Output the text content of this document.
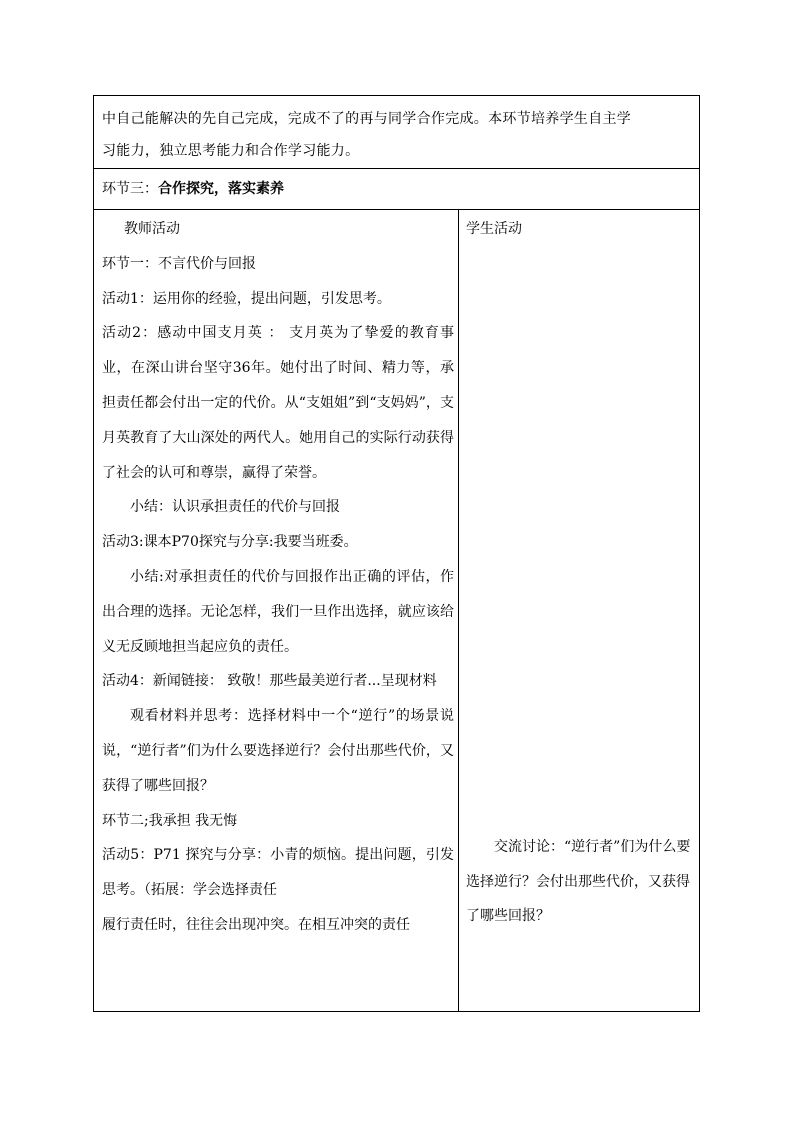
中自己能解决的先自己完成，完成不了的再与同学合作完成。本环节培养学生自主学

习能力，独立思考能力和合作学习能力。

环节三：合作探究，落实素养

教师活动

环节一：不言代价与回报

活动1：运用你的经验，提出问题，引发思考。

活动2：感动中国支月英 ： 支月英为了挚爱的教育事业，在深山讲台坚守36年。她付出了时间、精力等，承担责任都会付出一定的代价。从“支姐姐”到“支妈妈”，支月英教育了大山深处的两代人。她用自己的实际行动获得了社会的认可和尊崇，赢得了荣誉。

小结：认识承担责任的代价与回报

活动3:课本P70探究与分享:我要当班委。

小结:对承担责任的代价与回报作出正确的评估，作出合理的选择。无论怎样，我们一旦作出选择，就应该给义无反顾地担当起应负的责任。

活动4：新闻链接： 致敬！那些最美逆行者...呈现材料

观看材料并思考：选择材料中一个“逆行”的场景说说，“逆行者”们为什么要选择逆行？会付出那些代价，又获得了哪些回报？

环节二;我承担 我无悔

活动5：P71 探究与分享：小青的烦恼。提出问题，引发思考。（拓展：学会选择责任

履行责任时，往往会出现冲突。在相互冲突的责任

学生活动

交流讨论：“逆行者”们为什么要选择逆行？会付出那些代价，又获得了哪些回报？
